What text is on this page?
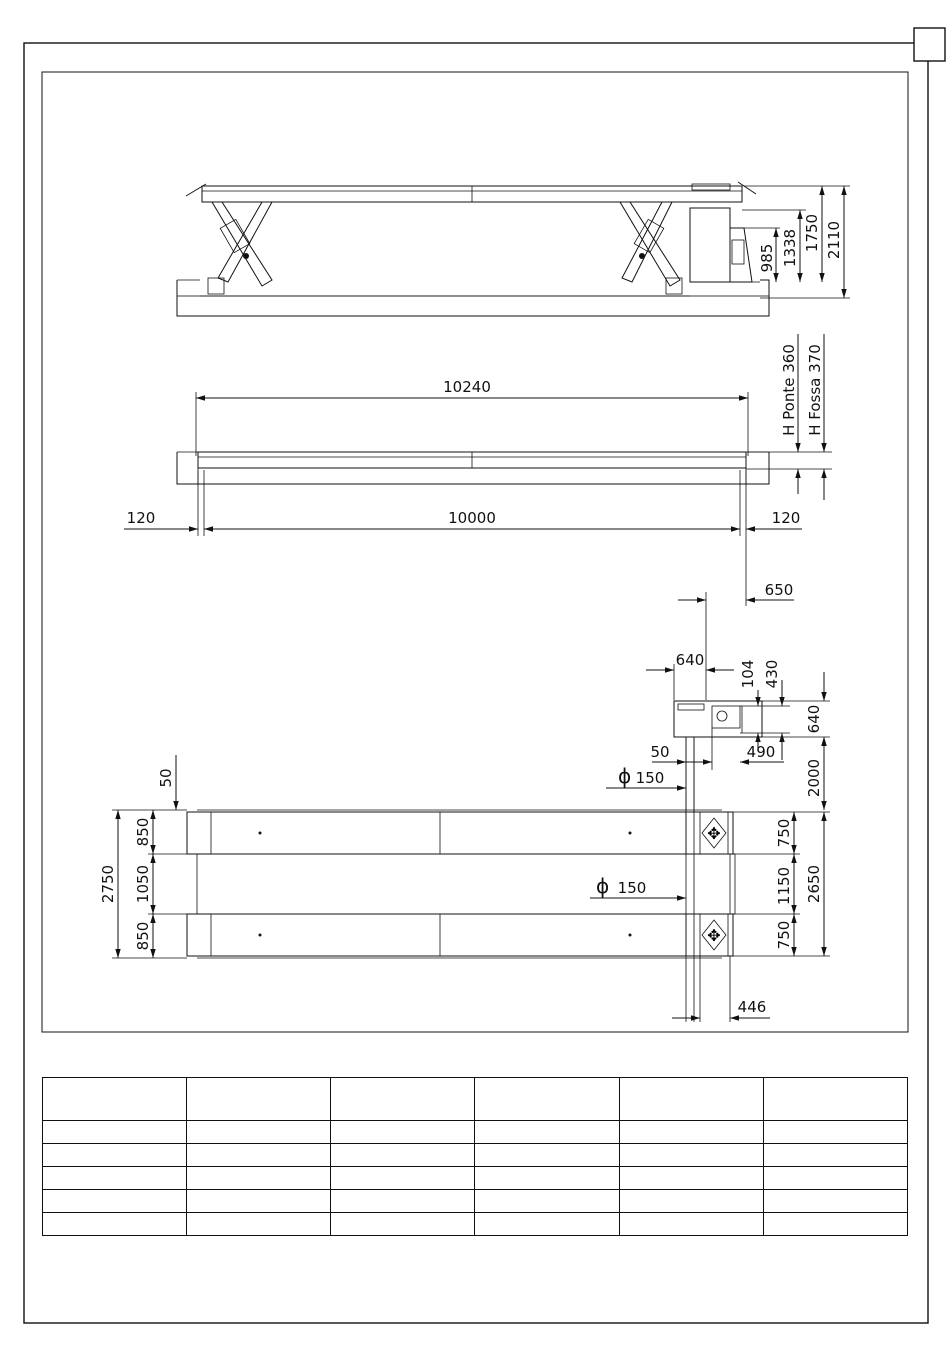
985 1338 1750 2110
10240
120	10000	120
H Ponte 360 H Fossa 370
650
640 104 430
640
490
50
ϕ 150	2000
✥
✥
ϕ 150
446
50
2750
850
1050
850
750
1150
750
2650
